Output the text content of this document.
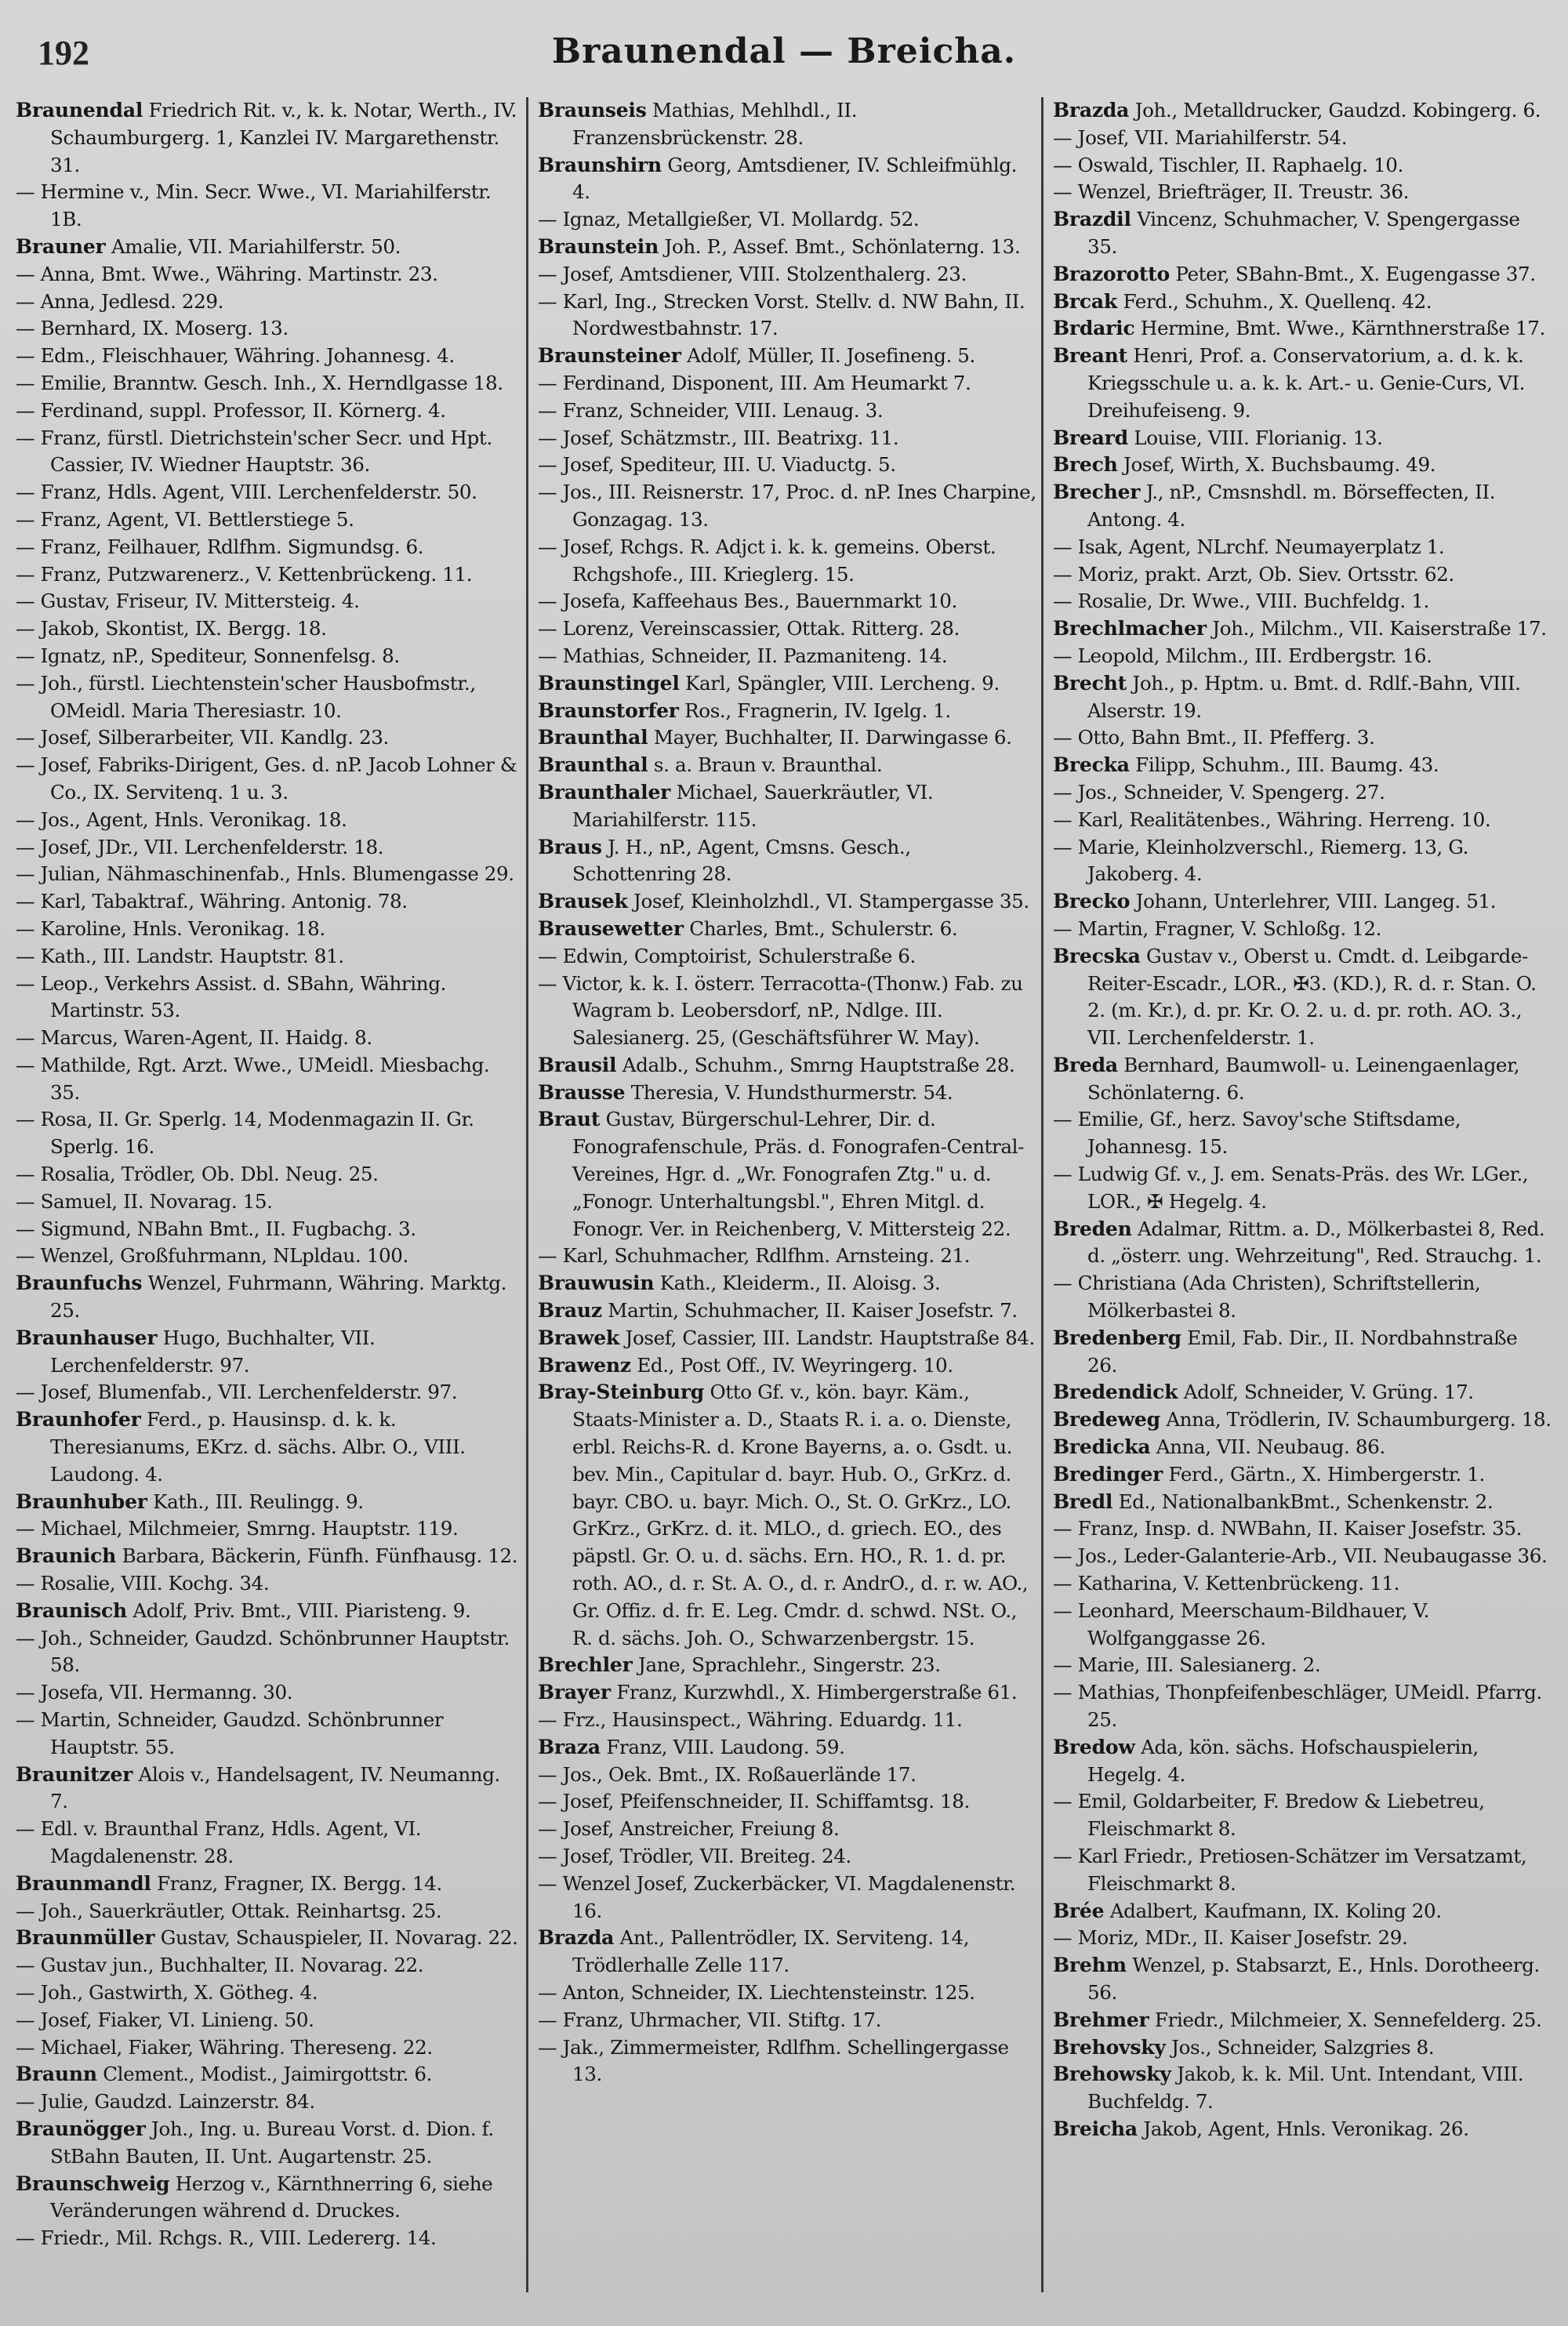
192	Braunendal — Breicha.

Braunendal Friedrich Rit. v., k. k. Notar, Werth., IV. Schaumburgerg. 1, Kanzlei IV. Margarethenstr. 31.

— Hermine v., Min. Secr. Wwe., VI. Mariahilferstr. 1B.

Brauner Amalie, VII. Mariahilferstr. 50.

— Anna, Bmt. Wwe., Währing. Martinstr. 23.

— Anna, Jedlesd. 229.

— Bernhard, IX. Moserg. 13.

— Edm., Fleischhauer, Währing. Johannesg. 4.

— Emilie, Branntw. Gesch. Inh., X. Herndlgasse 18.

— Ferdinand, suppl. Professor, II. Körnerg. 4.

— Franz, fürstl. Dietrichstein'scher Secr. und Hpt. Cassier, IV. Wiedner Hauptstr. 36.

— Franz, Hdls. Agent, VIII. Lerchenfelderstr. 50.

— Franz, Agent, VI. Bettlerstiege 5.

— Franz, Feilhauer, Rdlfhm. Sigmundsg. 6.

— Franz, Putzwarenerz., V. Kettenbrückeng. 11.

— Gustav, Friseur, IV. Mittersteig. 4.

— Jakob, Skontist, IX. Bergg. 18.

— Ignatz, nP., Spediteur, Sonnenfelsg. 8.

— Joh., fürstl. Liechtenstein'scher Hausbofmstr., OMeidl. Maria Theresiastr. 10.

— Josef, Silberarbeiter, VII. Kandlg. 23.

— Josef, Fabriks-Dirigent, Ges. d. nP. Jacob Lohner & Co., IX. Servitenq. 1 u. 3.

— Jos., Agent, Hnls. Veronikag. 18.

— Josef, JDr., VII. Lerchenfelderstr. 18.

— Julian, Nähmaschinenfab., Hnls. Blumengasse 29.

— Karl, Tabaktraf., Währing. Antonig. 78.

— Karoline, Hnls. Veronikag. 18.

— Kath., III. Landstr. Hauptstr. 81.

— Leop., Verkehrs Assist. d. SBahn, Währing. Martinstr. 53.

— Marcus, Waren-Agent, II. Haidg. 8.

— Mathilde, Rgt. Arzt. Wwe., UMeidl. Miesbachg. 35.

— Rosa, II. Gr. Sperlg. 14, Modenmagazin II. Gr. Sperlg. 16.

— Rosalia, Trödler, Ob. Dbl. Neug. 25.

— Samuel, II. Novarag. 15.

— Sigmund, NBahn Bmt., II. Fugbachg. 3.

— Wenzel, Großfuhrmann, NLpldau. 100.

Braunfuchs Wenzel, Fuhrmann, Währing. Marktg. 25.

Braunhauser Hugo, Buchhalter, VII. Lerchenfelderstr. 97.

— Josef, Blumenfab., VII. Lerchenfelderstr. 97.

Braunhofer Ferd., p. Hausinsp. d. k. k. Theresianums, EKrz. d. sächs. Albr. O., VIII. Laudong. 4.

Braunhuber Kath., III. Reulingg. 9.

— Michael, Milchmeier, Smrng. Hauptstr. 119.

Braunich Barbara, Bäckerin, Fünfh. Fünfhausg. 12.

— Rosalie, VIII. Kochg. 34.

Braunisch Adolf, Priv. Bmt., VIII. Piaristeng. 9.

— Joh., Schneider, Gaudzd. Schönbrunner Hauptstr. 58.

— Josefa, VII. Hermanng. 30.

— Martin, Schneider, Gaudzd. Schönbrunner Hauptstr. 55.

Braunitzer Alois v., Handelsagent, IV. Neumanng. 7.

— Edl. v. Braunthal Franz, Hdls. Agent, VI. Magdalenenstr. 28.

Braunmandl Franz, Fragner, IX. Bergg. 14.

— Joh., Sauerkräutler, Ottak. Reinhartsg. 25.

Braunmüller Gustav, Schauspieler, II. Novarag. 22.

— Gustav jun., Buchhalter, II. Novarag. 22.

— Joh., Gastwirth, X. Götheg. 4.

— Josef, Fiaker, VI. Linieng. 50.

— Michael, Fiaker, Währing. Thereseng. 22.

Braunn Clement., Modist., Jaimirgottstr. 6.

— Julie, Gaudzd. Lainzerstr. 84.

Braunögger Joh., Ing. u. Bureau Vorst. d. Dion. f. StBahn Bauten, II. Unt. Augartenstr. 25.

Braunschweig Herzog v., Kärnthnerring 6, siehe Veränderungen während d. Druckes.

— Friedr., Mil. Rchgs. R., VIII. Ledererg. 14.

Braunseis Mathias, Mehlhdl., II. Franzensbrückenstr. 28.

Braunshirn Georg, Amtsdiener, IV. Schleifmühlg. 4.

— Ignaz, Metallgießer, VI. Mollardg. 52.

Braunstein Joh. P., Assef. Bmt., Schönlaterng. 13.

— Josef, Amtsdiener, VIII. Stolzenthalerg. 23.

— Karl, Ing., Strecken Vorst. Stellv. d. NW Bahn, II. Nordwestbahnstr. 17.

Braunsteiner Adolf, Müller, II. Josefineng. 5.

— Ferdinand, Disponent, III. Am Heumarkt 7.

— Franz, Schneider, VIII. Lenaug. 3.

— Josef, Schätzmstr., III. Beatrixg. 11.

— Josef, Spediteur, III. U. Viaductg. 5.

— Jos., III. Reisnerstr. 17, Proc. d. nP. Ines Charpine, Gonzagag. 13.

— Josef, Rchgs. R. Adjct i. k. k. gemeins. Oberst. Rchgshofe., III. Krieglerg. 15.

— Josefa, Kaffeehaus Bes., Bauernmarkt 10.

— Lorenz, Vereinscassier, Ottak. Ritterg. 28.

— Mathias, Schneider, II. Pazmaniteng. 14.

Braunstingel Karl, Spängler, VIII. Lercheng. 9.

Braunstorfer Ros., Fragnerin, IV. Igelg. 1.

Braunthal Mayer, Buchhalter, II. Darwingasse 6.

Braunthal s. a. Braun v. Braunthal.

Braunthaler Michael, Sauerkräutler, VI. Mariahilferstr. 115.

Braus J. H., nP., Agent, Cmsns. Gesch., Schottenring 28.

Brausek Josef, Kleinholzhdl., VI. Stampergasse 35.

Brausewetter Charles, Bmt., Schulerstr. 6.

— Edwin, Comptoirist, Schulerstraße 6.

— Victor, k. k. I. österr. Terracotta-(Thonw.) Fab. zu Wagram b. Leobersdorf, nP., Ndlge. III. Salesianerg. 25, (Geschäftsführer W. May).

Brausil Adalb., Schuhm., Smrng Hauptstraße 28.

Brausse Theresia, V. Hundsthurmerstr. 54.

Braut Gustav, Bürgerschul-Lehrer, Dir. d. Fonografenschule, Präs. d. Fonografen-Central-Vereines, Hgr. d. „Wr. Fonografen Ztg." u. d. „Fonogr. Unterhaltungsbl.", Ehren Mitgl. d. Fonogr. Ver. in Reichenberg, V. Mittersteig 22.

— Karl, Schuhmacher, Rdlfhm. Arnsteing. 21.

Brauwusin Kath., Kleiderm., II. Aloisg. 3.

Brauz Martin, Schuhmacher, II. Kaiser Josefstr. 7.

Brawek Josef, Cassier, III. Landstr. Hauptstraße 84.

Brawenz Ed., Post Off., IV. Weyringerg. 10.

Bray-Steinburg Otto Gf. v., kön. bayr. Käm., Staats-Minister a. D., Staats R. i. a. o. Dienste, erbl. Reichs-R. d. Krone Bayerns, a. o. Gsdt. u. bev. Min., Capitular d. bayr. Hub. O., GrKrz. d. bayr. CBO. u. bayr. Mich. O., St. O. GrKrz., LO. GrKrz., GrKrz. d. it. MLO., d. griech. EO., des päpstl. Gr. O. u. d. sächs. Ern. HO., R. 1. d. pr. roth. AO., d. r. St. A. O., d. r. AndrO., d. r. w. AO., Gr. Offiz. d. fr. E. Leg. Cmdr. d. schwd. NSt. O., R. d. sächs. Joh. O., Schwarzenbergstr. 15.

Brechler Jane, Sprachlehr., Singerstr. 23.

Brayer Franz, Kurzwhdl., X. Himbergerstraße 61.

— Frz., Hausinspect., Währing. Eduardg. 11.

Braza Franz, VIII. Laudong. 59.

— Jos., Oek. Bmt., IX. Roßauerlände 17.

— Josef, Pfeifenschneider, II. Schiffamtsg. 18.

— Josef, Anstreicher, Freiung 8.

— Josef, Trödler, VII. Breiteg. 24.

— Wenzel Josef, Zuckerbäcker, VI. Magdalenenstr. 16.

Brazda Ant., Pallentrödler, IX. Serviteng. 14, Trödlerhalle Zelle 117.

— Anton, Schneider, IX. Liechtensteinstr. 125.

— Franz, Uhrmacher, VII. Stiftg. 17.

— Jak., Zimmermeister, Rdlfhm. Schellingergasse 13.

Brazda Joh., Metalldrucker, Gaudzd. Kobingerg. 6.

— Josef, VII. Mariahilferstr. 54.

— Oswald, Tischler, II. Raphaelg. 10.

— Wenzel, Briefträger, II. Treustr. 36.

Brazdil Vincenz, Schuhmacher, V. Spengergasse 35.

Brazorotto Peter, SBahn-Bmt., X. Eugengasse 37.

Brcak Ferd., Schuhm., X. Quellenq. 42.

Brdaric Hermine, Bmt. Wwe., Kärnthnerstraße 17.

Breant Henri, Prof. a. Conservatorium, a. d. k. k. Kriegsschule u. a. k. k. Art.- u. Genie-Curs, VI. Dreihufeiseng. 9.

Breard Louise, VIII. Florianig. 13.

Brech Josef, Wirth, X. Buchsbaumg. 49.

Brecher J., nP., Cmsnshdl. m. Börseffecten, II. Antong. 4.

— Isak, Agent, NLrchf. Neumayerplatz 1.

— Moriz, prakt. Arzt, Ob. Siev. Ortsstr. 62.

— Rosalie, Dr. Wwe., VIII. Buchfeldg. 1.

Brechlmacher Joh., Milchm., VII. Kaiserstraße 17.

— Leopold, Milchm., III. Erdbergstr. 16.

Brecht Joh., p. Hptm. u. Bmt. d. Rdlf.-Bahn, VIII. Alserstr. 19.

— Otto, Bahn Bmt., II. Pfefferg. 3.

Brecka Filipp, Schuhm., III. Baumg. 43.

— Jos., Schneider, V. Spengerg. 27.

— Karl, Realitätenbes., Währing. Herreng. 10.

— Marie, Kleinholzverschl., Riemerg. 13, G. Jakoberg. 4.

Brecko Johann, Unterlehrer, VIII. Langeg. 51.

— Martin, Fragner, V. Schloßg. 12.

Brecska Gustav v., Oberst u. Cmdt. d. Leibgarde-Reiter-Escadr., LOR., ✠3. (KD.), R. d. r. Stan. O. 2. (m. Kr.), d. pr. Kr. O. 2. u. d. pr. roth. AO. 3., VII. Lerchenfelderstr. 1.

Breda Bernhard, Baumwoll- u. Leinengaenlager, Schönlaterng. 6.

— Emilie, Gf., herz. Savoy'sche Stiftsdame, Johannesg. 15.

— Ludwig Gf. v., J. em. Senats-Präs. des Wr. LGer., LOR., ✠ Hegelg. 4.

Breden Adalmar, Rittm. a. D., Mölkerbastei 8, Red. d. „österr. ung. Wehrzeitung", Red. Strauchg. 1.

— Christiana (Ada Christen), Schriftstellerin, Mölkerbastei 8.

Bredenberg Emil, Fab. Dir., II. Nordbahnstraße 26.

Bredendick Adolf, Schneider, V. Grüng. 17.

Bredeweg Anna, Trödlerin, IV. Schaumburgerg. 18.

Bredicka Anna, VII. Neubaug. 86.

Bredinger Ferd., Gärtn., X. Himbergerstr. 1.

Bredl Ed., NationalbankBmt., Schenkenstr. 2.

— Franz, Insp. d. NWBahn, II. Kaiser Josefstr. 35.

— Jos., Leder-Galanterie-Arb., VII. Neubaugasse 36.

— Katharina, V. Kettenbrückeng. 11.

— Leonhard, Meerschaum-Bildhauer, V. Wolfganggasse 26.

— Marie, III. Salesianerg. 2.

— Mathias, Thonpfeifenbeschläger, UMeidl. Pfarrg. 25.

Bredow Ada, kön. sächs. Hofschauspielerin, Hegelg. 4.

— Emil, Goldarbeiter, F. Bredow & Liebetreu, Fleischmarkt 8.

— Karl Friedr., Pretiosen-Schätzer im Versatzamt, Fleischmarkt 8.

Brée Adalbert, Kaufmann, IX. Koling 20.

— Moriz, MDr., II. Kaiser Josefstr. 29.

Brehm Wenzel, p. Stabsarzt, E., Hnls. Dorotheerg. 56.

Brehmer Friedr., Milchmeier, X. Sennefelderg. 25.

Brehovsky Jos., Schneider, Salzgries 8.

Brehowsky Jakob, k. k. Mil. Unt. Intendant, VIII. Buchfeldg. 7.

Breicha Jakob, Agent, Hnls. Veronikag. 26.
